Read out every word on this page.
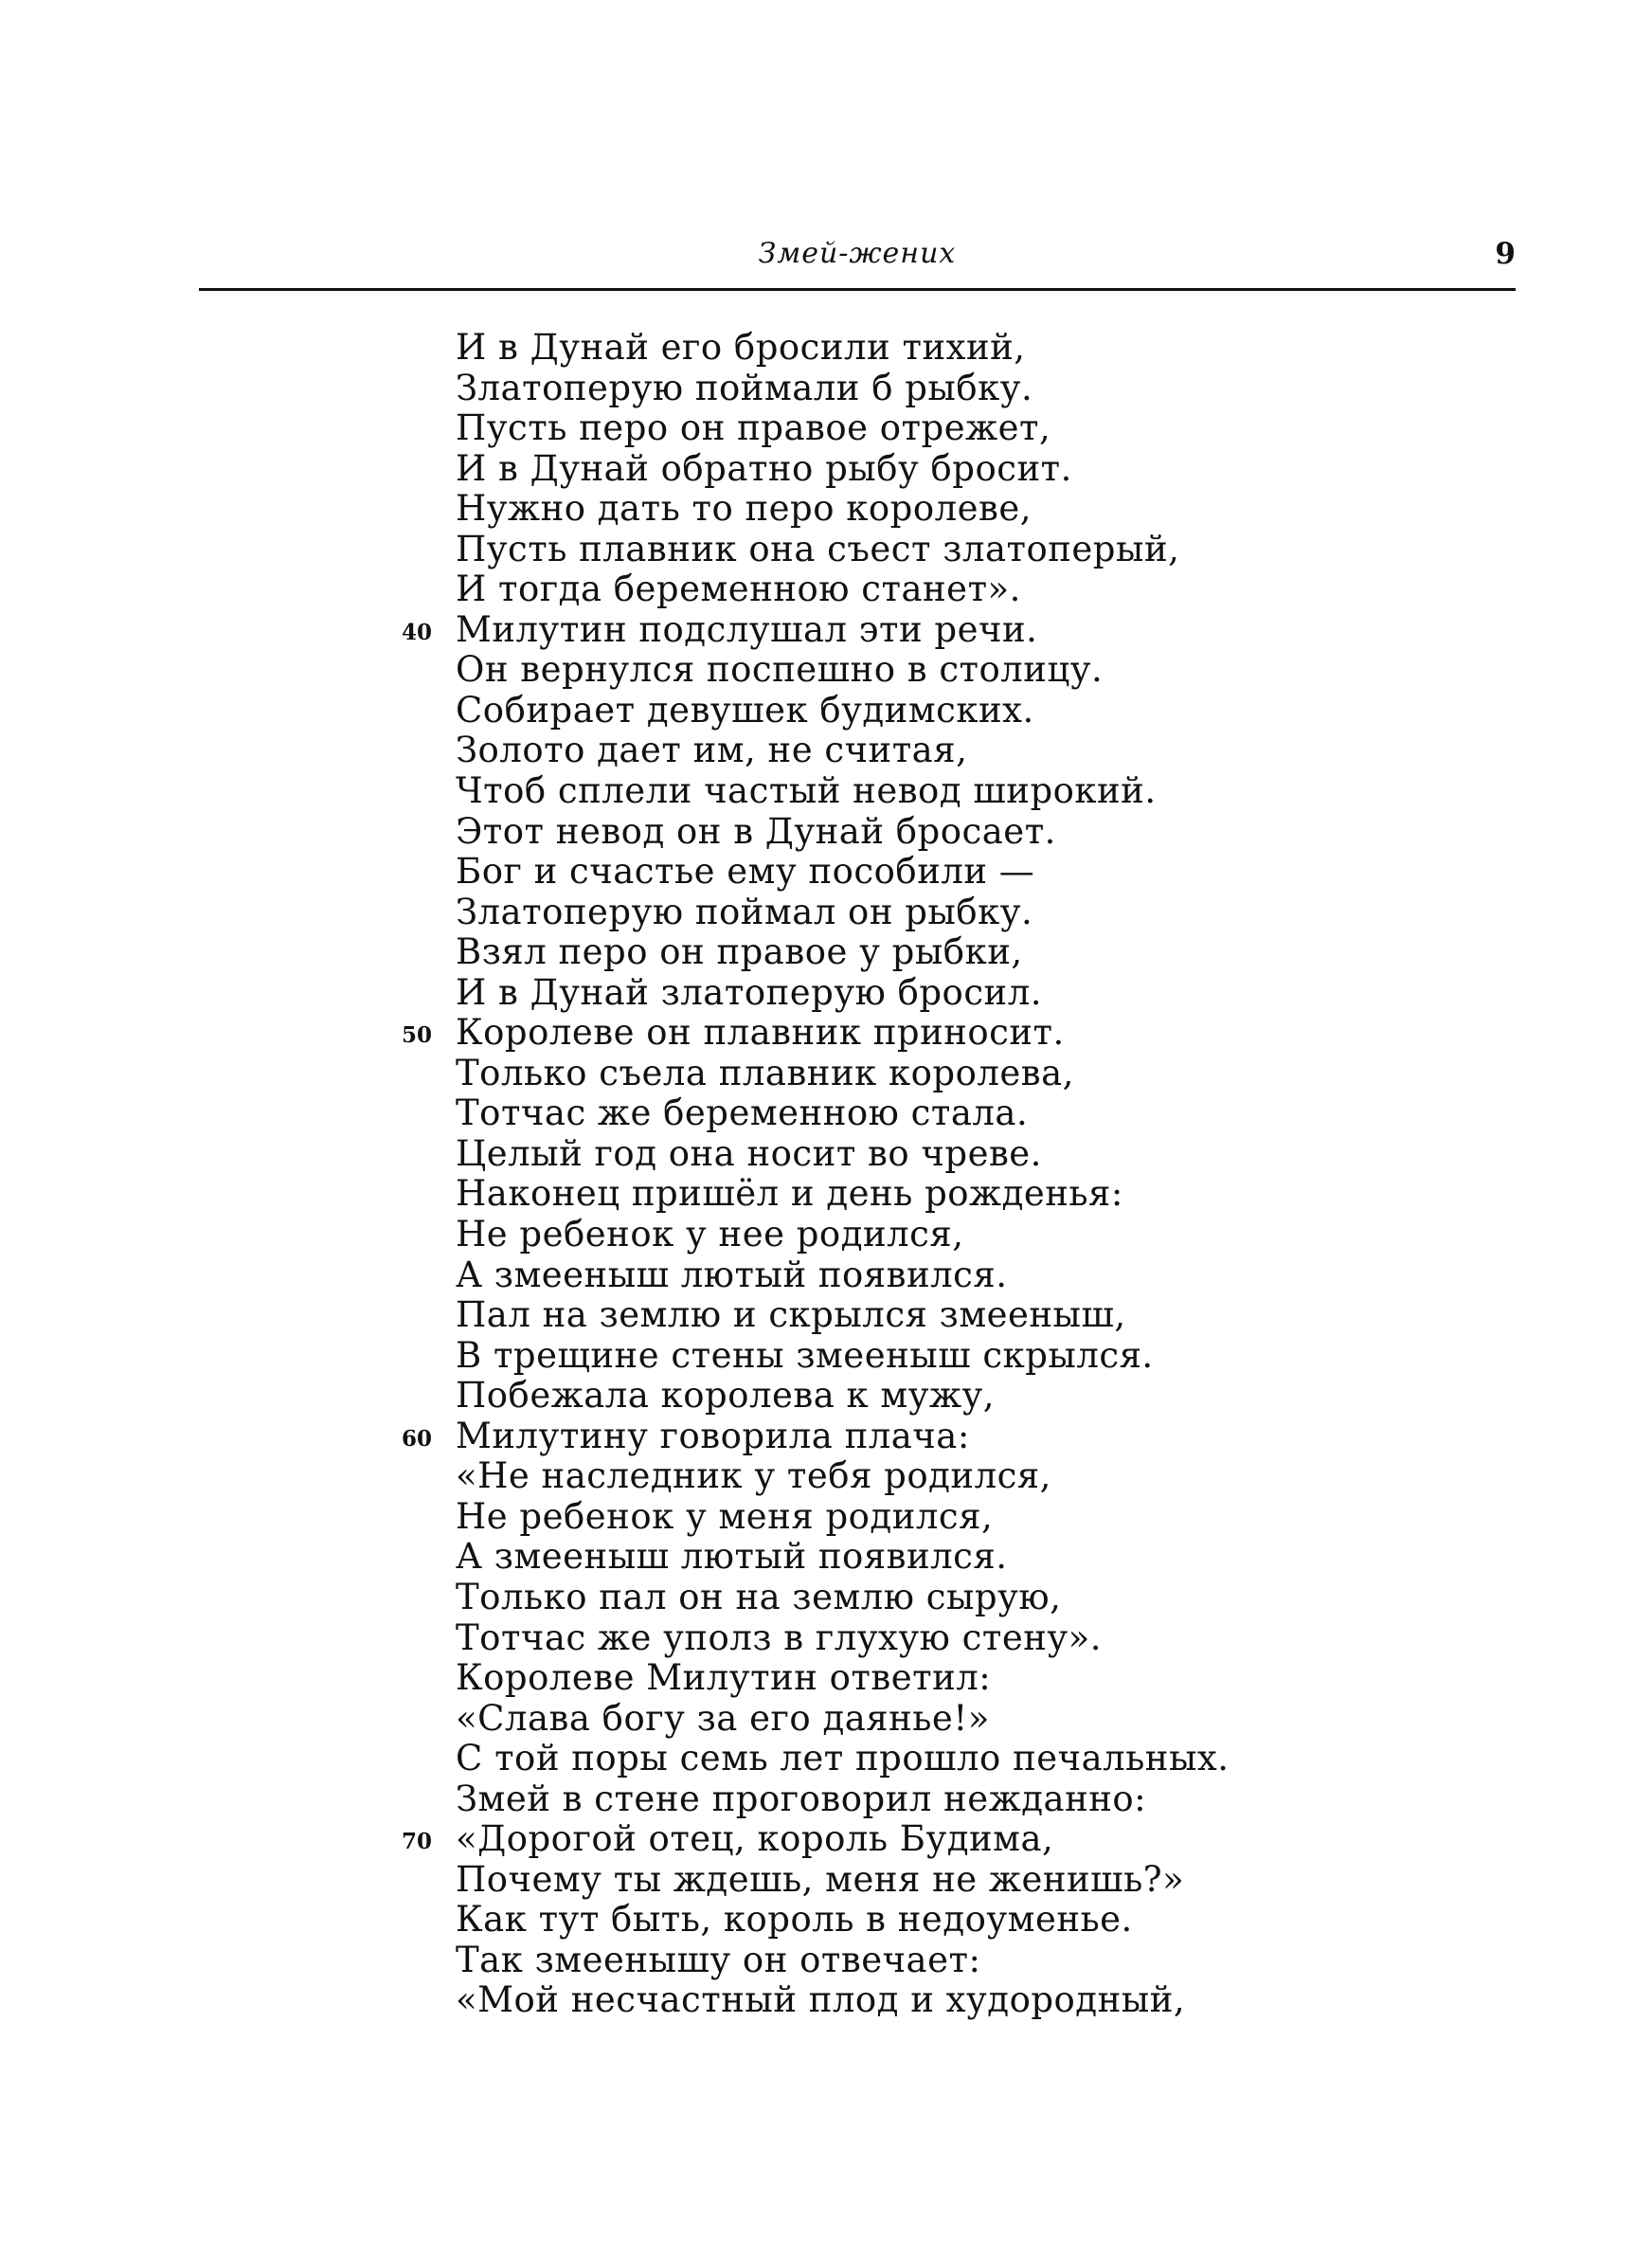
Змей-жених	9
И в Дунай его бросили тихий,
Златоперую поймали б рыбку.
Пусть перо он правое отрежет,
И в Дунай обратно рыбу бросит.
Нужно дать то перо королеве,
Пусть плавник она съест златоперый,
И тогда беременною станет».
40 Милутин подслушал эти речи.
Он вернулся поспешно в столицу.
Собирает девушек будимских.
Золото дает им, не считая,
Чтоб сплели частый невод широкий.
Этот невод он в Дунай бросает.
Бог и счастье ему пособили —
Златоперую поймал он рыбку.
Взял перо он правое у рыбки,
И в Дунай златоперую бросил.
50 Королеве он плавник приносит.
Только съела плавник королева,
Тотчас же беременною стала.
Целый год она носит во чреве.
Наконец пришёл и день рожденья:
Не ребенок у нее родился,
А змееныш лютый появился.
Пал на землю и скрылся змееныш,
В трещине стены змееныш скрылся.
Побежала королева к мужу,
60 Милутину говорила плача:
«Не наследник у тебя родился,
Не ребенок у меня родился,
А змееныш лютый появился.
Только пал он на землю сырую,
Тотчас же уполз в глухую стену».
Королеве Милутин ответил:
«Слава богу за его даянье!»
С той поры семь лет прошло печальных.
Змей в стене проговорил нежданно:
70 «Дорогой отец, король Будима,
Почему ты ждешь, меня не женишь?»
Как тут быть, король в недоуменье.
Так змеенышу он отвечает:
«Мой несчастный плод и худородный,
